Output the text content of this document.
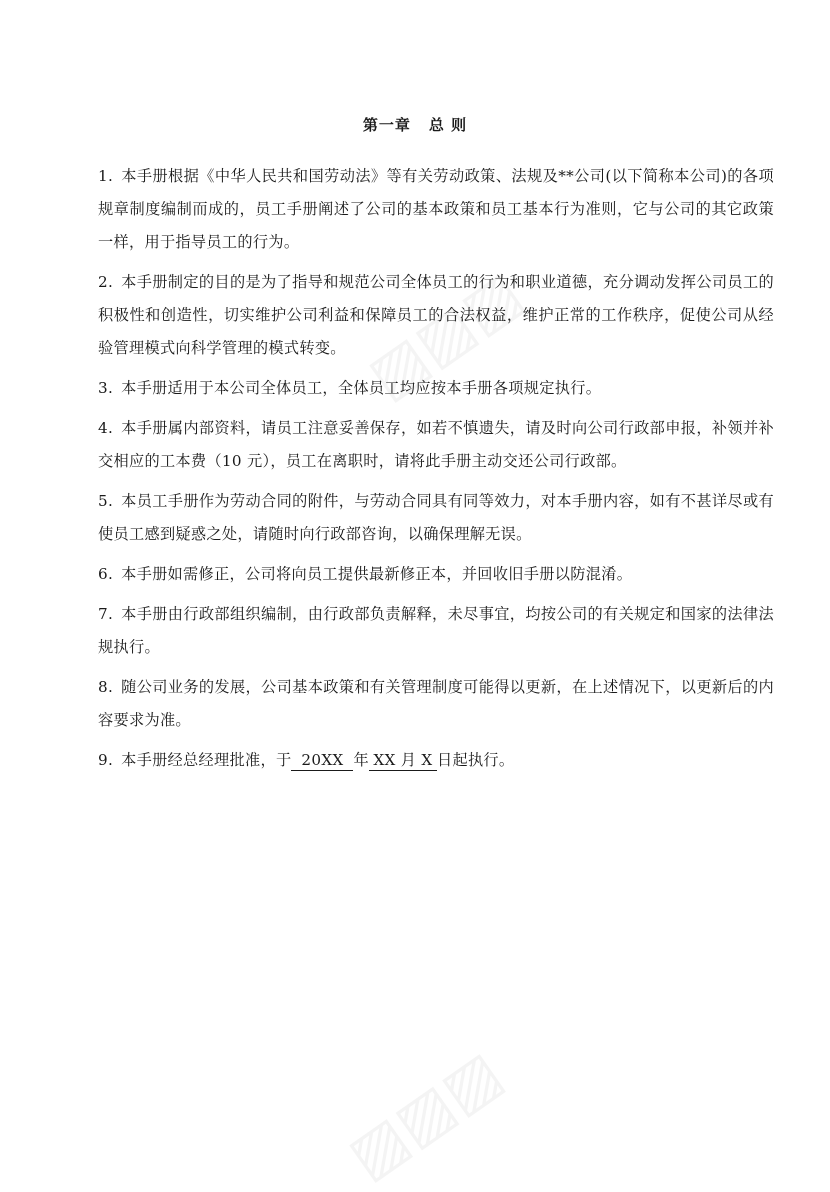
第一章 总 则

1. 本手册根据《中华人民共和国劳动法》等有关劳动政策、法规及**公司(以下简称本公司)的各项规章制度编制而成的，员工手册阐述了公司的基本政策和员工基本行为准则，它与公司的其它政策一样，用于指导员工的行为。

2. 本手册制定的目的是为了指导和规范公司全体员工的行为和职业道德，充分调动发挥公司员工的积极性和创造性，切实维护公司利益和保障员工的合法权益，维护正常的工作秩序，促使公司从经验管理模式向科学管理的模式转变。

3. 本手册适用于本公司全体员工，全体员工均应按本手册各项规定执行。

4. 本手册属内部资料，请员工注意妥善保存，如若不慎遗失，请及时向公司行政部申报，补领并补交相应的工本费（10 元），员工在离职时，请将此手册主动交还公司行政部。

5. 本员工手册作为劳动合同的附件，与劳动合同具有同等效力，对本手册内容，如有不甚详尽或有使员工感到疑惑之处，请随时向行政部咨询，以确保理解无误。

6. 本手册如需修正，公司将向员工提供最新修正本，并回收旧手册以防混淆。

7. 本手册由行政部组织编制，由行政部负责解释，未尽事宜，均按公司的有关规定和国家的法律法规执行。

8. 随公司业务的发展，公司基本政策和有关管理制度可能得以更新，在上述情况下，以更新后的内容要求为准。

9. 本手册经总经理批准，于 20XX 年 XX 月 X 日起执行。
